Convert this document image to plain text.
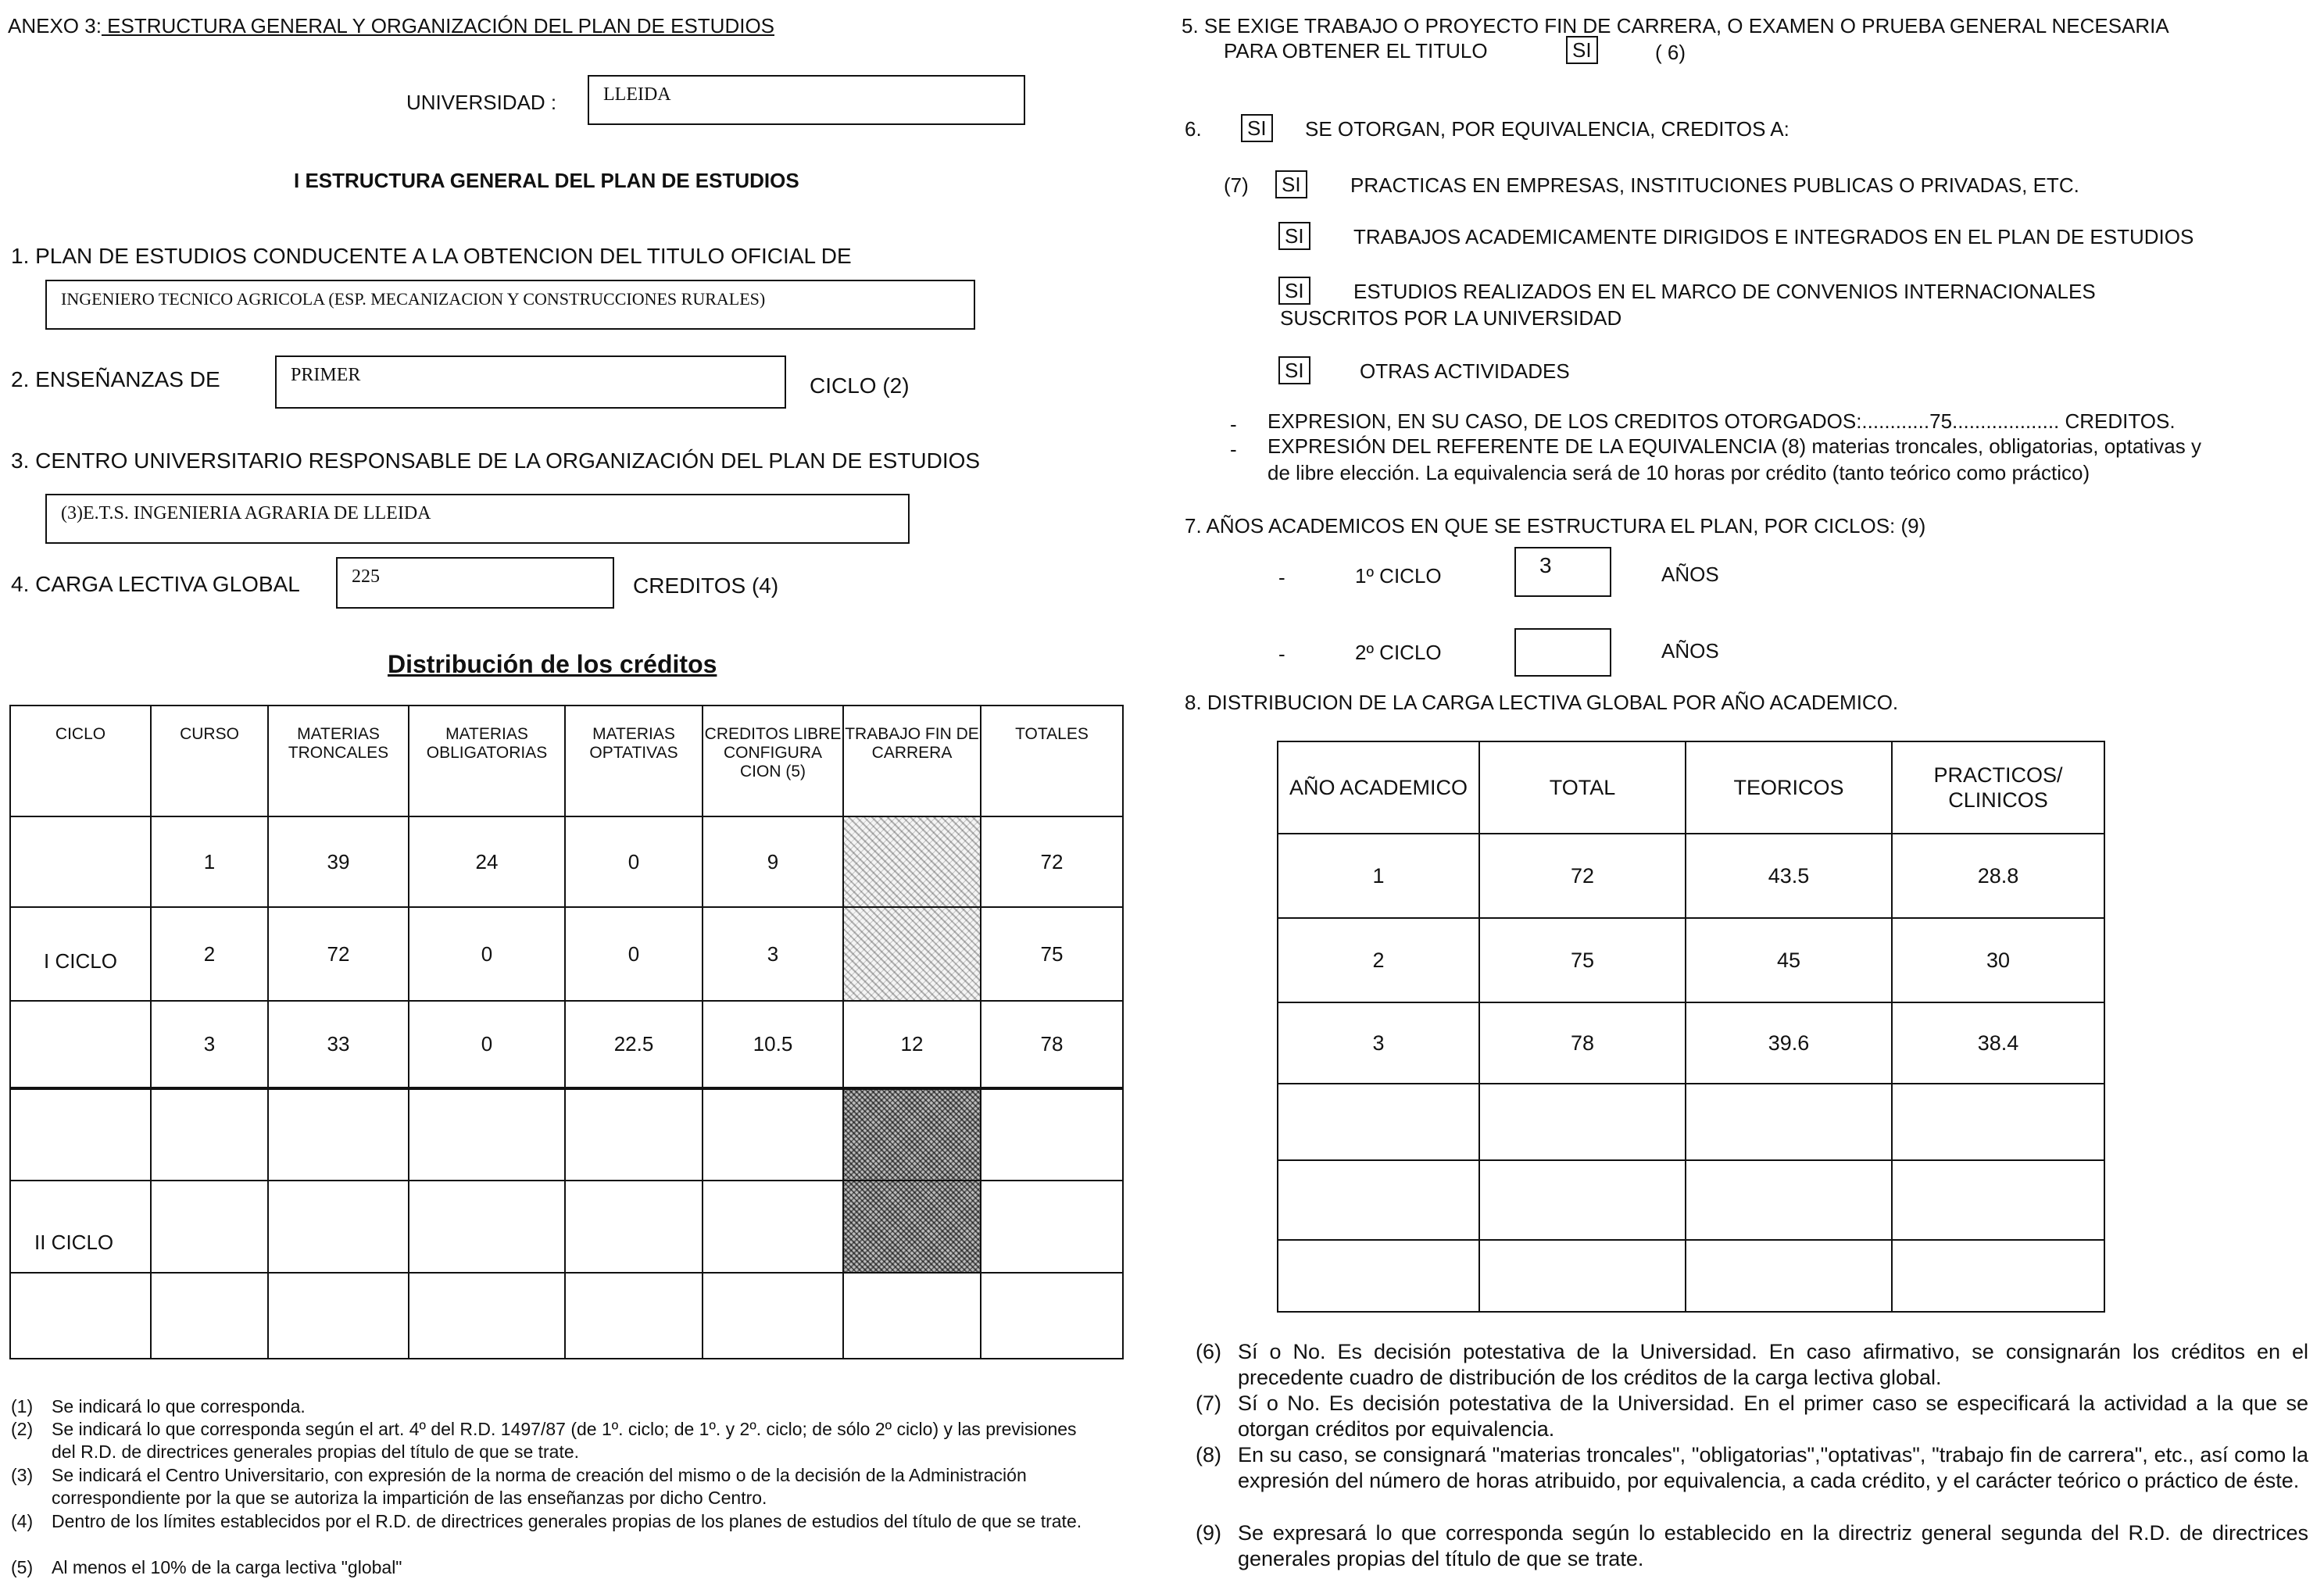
ANEXO 3: ESTRUCTURA GENERAL Y ORGANIZACIÓN DEL PLAN DE ESTUDIOS
UNIVERSIDAD :	LLEIDA
I ESTRUCTURA GENERAL DEL PLAN DE ESTUDIOS
1. PLAN DE ESTUDIOS CONDUCENTE A LA OBTENCION DEL TITULO OFICIAL DE
INGENIERO TECNICO AGRICOLA (ESP. MECANIZACION Y CONSTRUCCIONES RURALES)
2. ENSEÑANZAS DE	PRIMER	CICLO (2)
3. CENTRO UNIVERSITARIO RESPONSABLE DE LA ORGANIZACIÓN DEL PLAN DE ESTUDIOS
(3)E.T.S. INGENIERIA AGRARIA DE LLEIDA
4. CARGA LECTIVA GLOBAL	225	CREDITOS (4)
Distribución de los créditos
CICLO	CURSO	MATERIAS TRONCALES	MATERIAS OBLIGATORIAS	MATERIAS OPTATIVAS	CREDITOS LIBRE CONFIGURA CION (5)	TRABAJO FIN DE CARRERA	TOTALES
	1	39	24	0	9		72
I CICLO	2	72	0	0	3		75
	3	33	0	22.5	10.5	12	78

II CICLO							

(1)	Se indicará lo que corresponda.
(2)	Se indicará lo que corresponda según el art. 4º del R.D. 1497/87 (de 1º. ciclo; de 1º. y 2º. ciclo; de sólo 2º ciclo) y las previsiones del R.D. de directrices generales propias del título de que se trate.
(3)	Se indicará el Centro Universitario, con expresión de la norma de creación del mismo o de la decisión de la Administración correspondiente por la que se autoriza la impartición de las enseñanzas por dicho Centro.
(4)	Dentro de los límites establecidos por el R.D. de directrices generales propias de los planes de estudios del título de que se trate.
(5)	Al menos el 10% de la carga lectiva "global"
5. SE EXIGE TRABAJO O PROYECTO FIN DE CARRERA, O EXAMEN O PRUEBA GENERAL NECESARIA
PARA OBTENER EL TITULO	SI	( 6)
6.	SI	SE OTORGAN, POR EQUIVALENCIA, CREDITOS A:
(7)	SI	PRACTICAS EN EMPRESAS, INSTITUCIONES PUBLICAS O PRIVADAS, ETC.
SI	TRABAJOS ACADEMICAMENTE DIRIGIDOS E INTEGRADOS EN EL PLAN DE ESTUDIOS
SI	ESTUDIOS REALIZADOS EN EL MARCO DE CONVENIOS INTERNACIONALES
SUSCRITOS POR LA UNIVERSIDAD
SI	OTRAS ACTIVIDADES
- EXPRESION, EN SU CASO, DE LOS CREDITOS OTORGADOS:............75................... CREDITOS.
- EXPRESIÓN DEL REFERENTE DE LA EQUIVALENCIA (8) materias troncales, obligatorias, optativas y
de libre elección. La equivalencia será de 10 horas por crédito (tanto teórico como práctico)
7. AÑOS ACADEMICOS EN QUE SE ESTRUCTURA EL PLAN, POR CICLOS: (9)
-	1º CICLO	3	AÑOS
-	2º CICLO	AÑOS
8. DISTRIBUCION DE LA CARGA LECTIVA GLOBAL POR AÑO ACADEMICO.
AÑO ACADEMICO	TOTAL	TEORICOS	PRACTICOS/ CLINICOS
1	72	43.5	28.8
2	75	45	30
3	78	39.6	38.4

(6) Sí o No. Es decisión potestativa de la Universidad. En caso afirmativo, se consignarán los créditos en el precedente cuadro de distribución de los créditos de la carga lectiva global.
(7) Sí o No. Es decisión potestativa de la Universidad. En el primer caso se especificará la actividad a la que se otorgan créditos por equivalencia.
(8) En su caso, se consignará "materias troncales", "obligatorias","optativas", "trabajo fin de carrera", etc., así como la expresión del número de horas atribuido, por equivalencia, a cada crédito, y el carácter teórico o práctico de éste.
(9) Se expresará lo que corresponda según lo establecido en la directriz general segunda del R.D. de directrices generales propias del título de que se trate.
